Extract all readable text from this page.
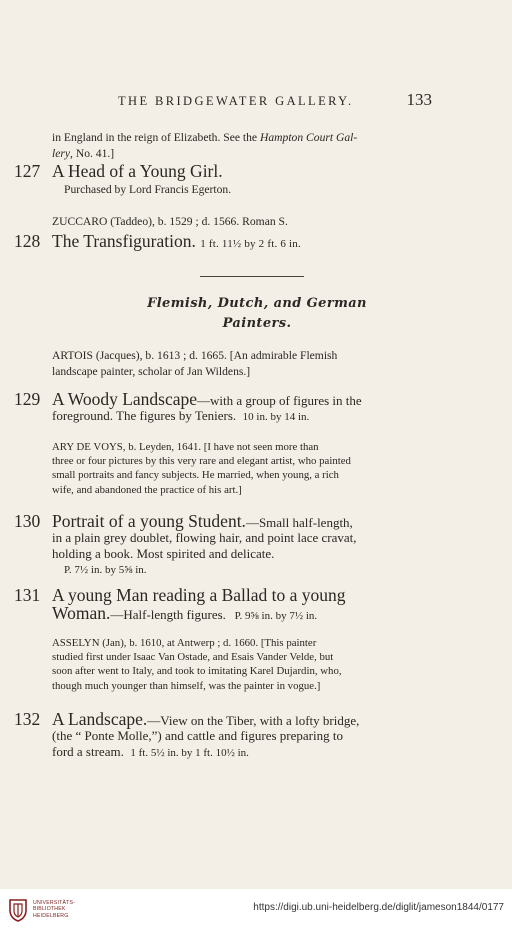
THE BRIDGEWATER GALLERY.	133
in England in the reign of Elizabeth. See the Hampton Court Gal-
lery, No. 41.]
127 A Head of a Young Girl.
Purchased by Lord Francis Egerton.
ZUCCARO (Taddeo), b. 1529 ; d. 1566. Roman S.
128 The Transfiguration. 1 ft. 11½ by 2 ft. 6 in.
Flemish, Dutch, and German
Painters.
ARTOIS (Jacques), b. 1613 ; d. 1665. [An admirable Flemish
landscape painter, scholar of Jan Wildens.]
129 A Woody Landscape—with a group of figures in the
foreground. The figures by Teniers. 10 in. by 14 in.
ARY DE VOYS, b. Leyden, 1641. [I have not seen more than
three or four pictures by this very rare and elegant artist, who painted
small portraits and fancy subjects. He married, when young, a rich
wife, and abandoned the practice of his art.]
130 Portrait of a young Student.—Small half-length,
in a plain grey doublet, flowing hair, and point lace cravat,
holding a book. Most spirited and delicate.
P. 7½ in. by 5⅝ in.
131 A young Man reading a Ballad to a young
Woman.—Half-length figures. P. 9⅝ in. by 7½ in.
ASSELYN (Jan), b. 1610, at Antwerp ; d. 1660. [This painter
studied first under Isaac Van Ostade, and Esais Vander Velde, but
soon after went to Italy, and took to imitating Karel Dujardin, who,
though much younger than himself, was the painter in vogue.]
132 A Landscape.—View on the Tiber, with a lofty bridge,
(the “ Ponte Molle,”) and cattle and figures preparing to
ford a stream. 1 ft. 5½ in. by 1 ft. 10½ in.
UNIVERSITÄTS-
BIBLIOTHEK
HEIDELBERG
https://digi.ub.uni-heidelberg.de/diglit/jameson1844/0177
